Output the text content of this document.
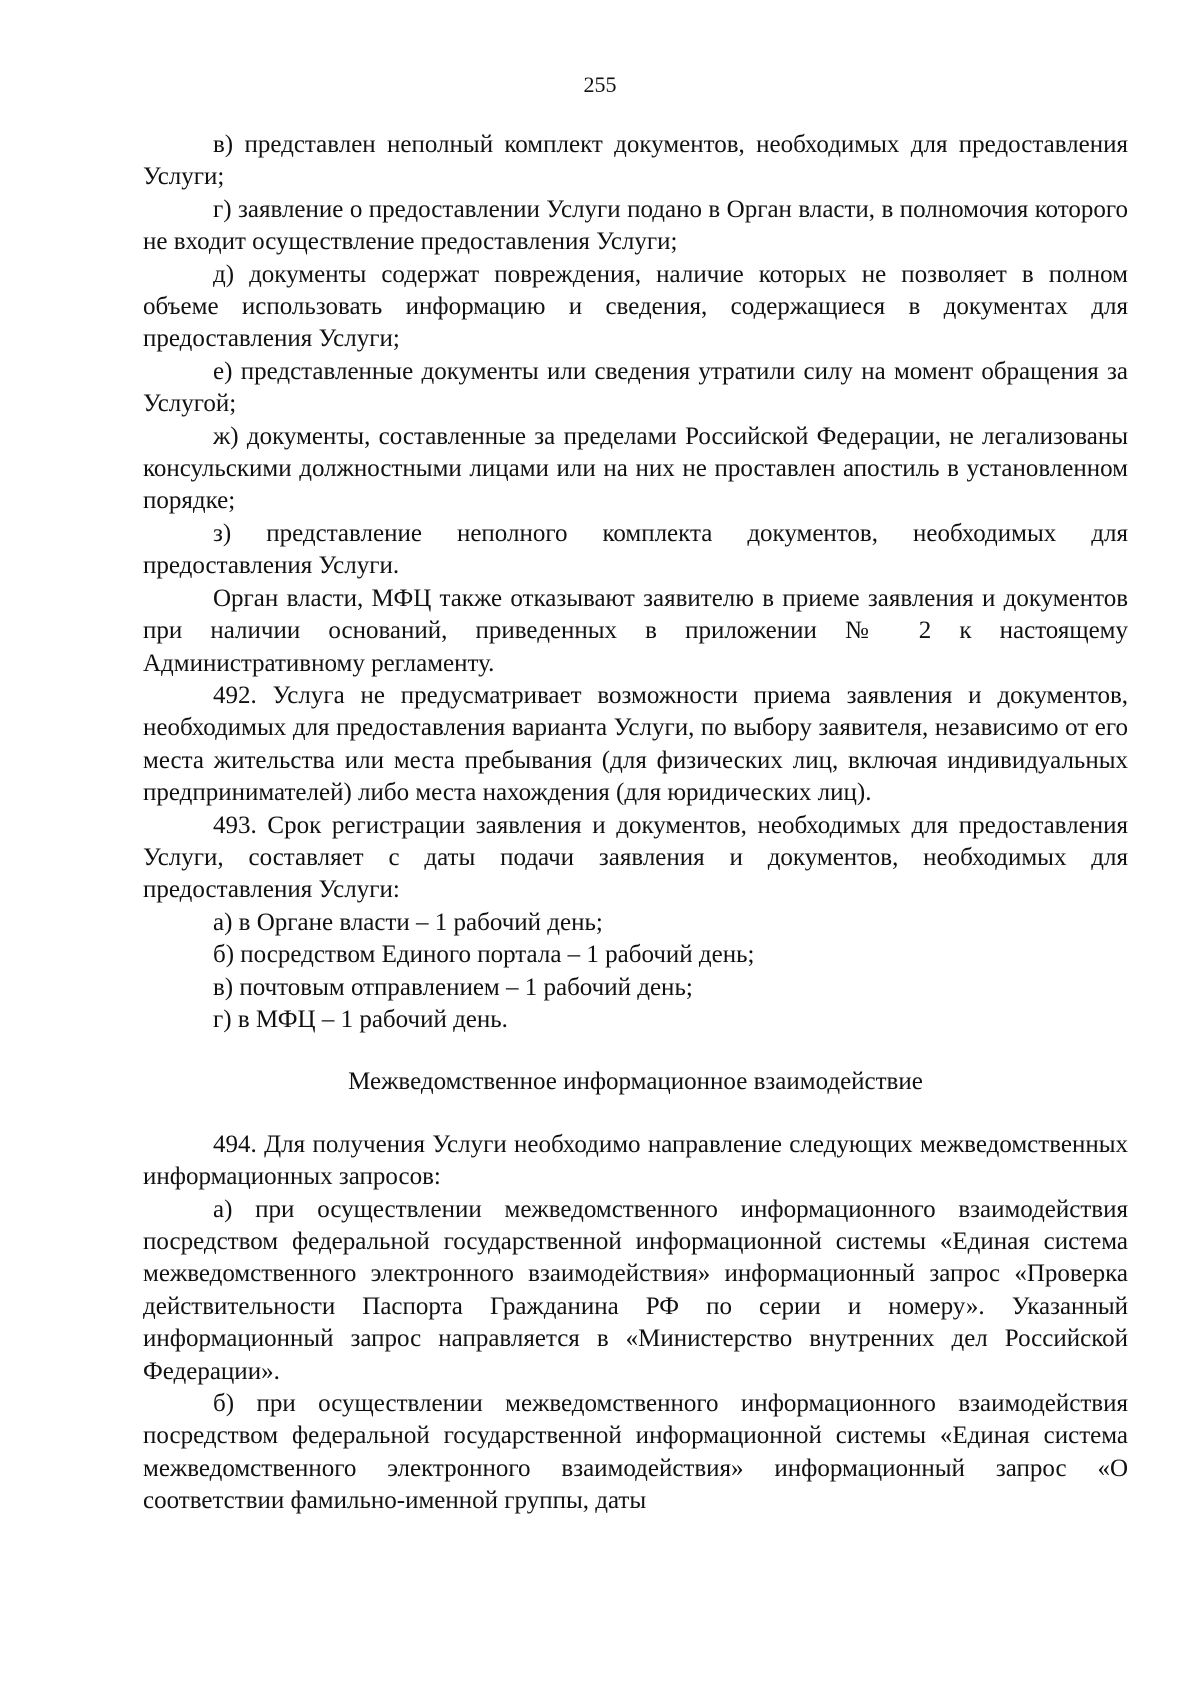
255

в) представлен неполный комплект документов, необходимых для предоставления Услуги;

г) заявление о предоставлении Услуги подано в Орган власти, в полномочия которого не входит осуществление предоставления Услуги;

д) документы содержат повреждения, наличие которых не позволяет в полном объеме использовать информацию и сведения, содержащиеся в документах для предоставления Услуги;

е) представленные документы или сведения утратили силу на момент обращения за Услугой;

ж) документы, составленные за пределами Российской Федерации, не легализованы консульскими должностными лицами или на них не проставлен апостиль в установленном порядке;

з) представление неполного комплекта документов, необходимых для предоставления Услуги.

Орган власти, МФЦ также отказывают заявителю в приеме заявления и документов при наличии оснований, приведенных в приложении № 2 к настоящему Административному регламенту.

492. Услуга не предусматривает возможности приема заявления и документов, необходимых для предоставления варианта Услуги, по выбору заявителя, независимо от его места жительства или места пребывания (для физических лиц, включая индивидуальных предпринимателей) либо места нахождения (для юридических лиц).

493. Срок регистрации заявления и документов, необходимых для предоставления Услуги, составляет с даты подачи заявления и документов, необходимых для предоставления Услуги:

а) в Органе власти – 1 рабочий день;

б) посредством Единого портала – 1 рабочий день;

в) почтовым отправлением – 1 рабочий день;

г) в МФЦ – 1 рабочий день.

Межведомственное информационное взаимодействие

494. Для получения Услуги необходимо направление следующих межведомственных информационных запросов:

а) при осуществлении межведомственного информационного взаимодействия посредством федеральной государственной информационной системы «Единая система межведомственного электронного взаимодействия» информационный запрос «Проверка действительности Паспорта Гражданина РФ по серии и номеру». Указанный информационный запрос направляется в «Министерство внутренних дел Российской Федерации».

б) при осуществлении межведомственного информационного взаимодействия посредством федеральной государственной информационной системы «Единая система межведомственного электронного взаимодействия» информационный запрос «О соответствии фамильно-именной группы, даты
